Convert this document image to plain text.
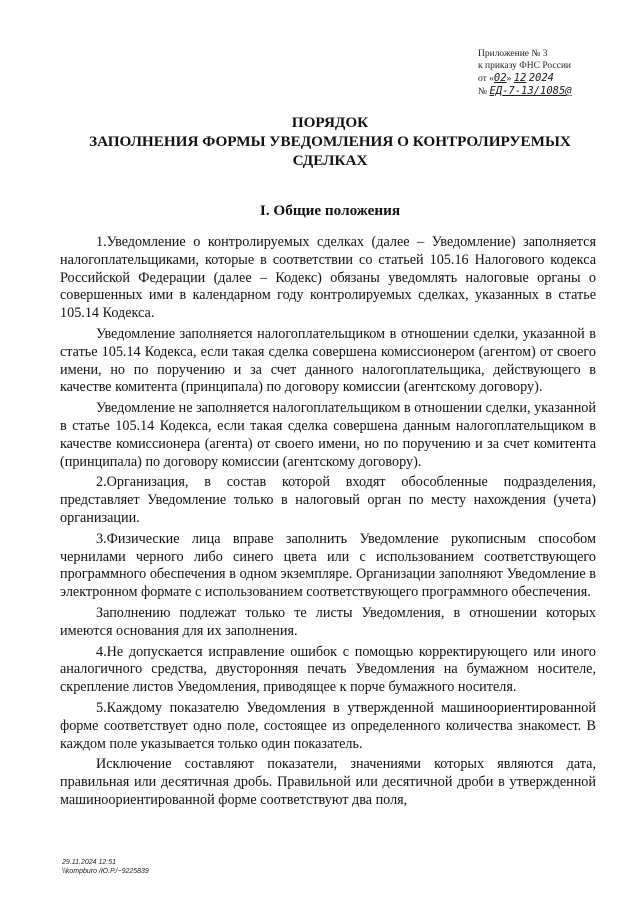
Приложение № 3
к приказу ФНС России
от «02» 12 2024
№ ЕД-7-13/1085@
ПОРЯДОК
ЗАПОЛНЕНИЯ ФОРМЫ УВЕДОМЛЕНИЯ О КОНТРОЛИРУЕМЫХ
СДЕЛКАХ
I. Общие положения

1.Уведомление о контролируемых сделках (далее – Уведомление) заполняется налогоплательщиками, которые в соответствии со статьей 105.16 Налогового кодекса Российской Федерации (далее – Кодекс) обязаны уведомлять налоговые органы о совершенных ими в календарном году контролируемых сделках, указанных в статье 105.14 Кодекса.

Уведомление заполняется налогоплательщиком в отношении сделки, указанной в статье 105.14 Кодекса, если такая сделка совершена комиссионером (агентом) от своего имени, но по поручению и за счет данного налогоплательщика, действующего в качестве комитента (принципала) по договору комиссии (агентскому договору).

Уведомление не заполняется налогоплательщиком в отношении сделки, указанной в статье 105.14 Кодекса, если такая сделка совершена данным налогоплательщиком в качестве комиссионера (агента) от своего имени, но по поручению и за счет комитента (принципала) по договору комиссии (агентскому договору).

2.Организация, в состав которой входят обособленные подразделения, представляет Уведомление только в налоговый орган по месту нахождения (учета) организации.

3.Физические лица вправе заполнить Уведомление рукописным способом чернилами черного либо синего цвета или с использованием соответствующего программного обеспечения в одном экземпляре. Организации заполняют Уведомление в электронном формате с использованием соответствующего программного обеспечения.

Заполнению подлежат только те листы Уведомления, в отношении которых имеются основания для их заполнения.

4.Не допускается исправление ошибок с помощью корректирующего или иного аналогичного средства, двусторонняя печать Уведомления на бумажном носителе, скрепление листов Уведомления, приводящее к порче бумажного носителя.

5.Каждому показателю Уведомления в утвержденной машиноориентированной форме соответствует одно поле, состоящее из определенного количества знакомест. В каждом поле указывается только один показатель.

Исключение составляют показатели, значениями которых являются дата, правильная или десятичная дробь. Правильной или десятичной дроби в утвержденной машиноориентированной форме соответствуют два поля,

29.11.2024 12:51
\\kompburo /Ю.Р./~9225839
